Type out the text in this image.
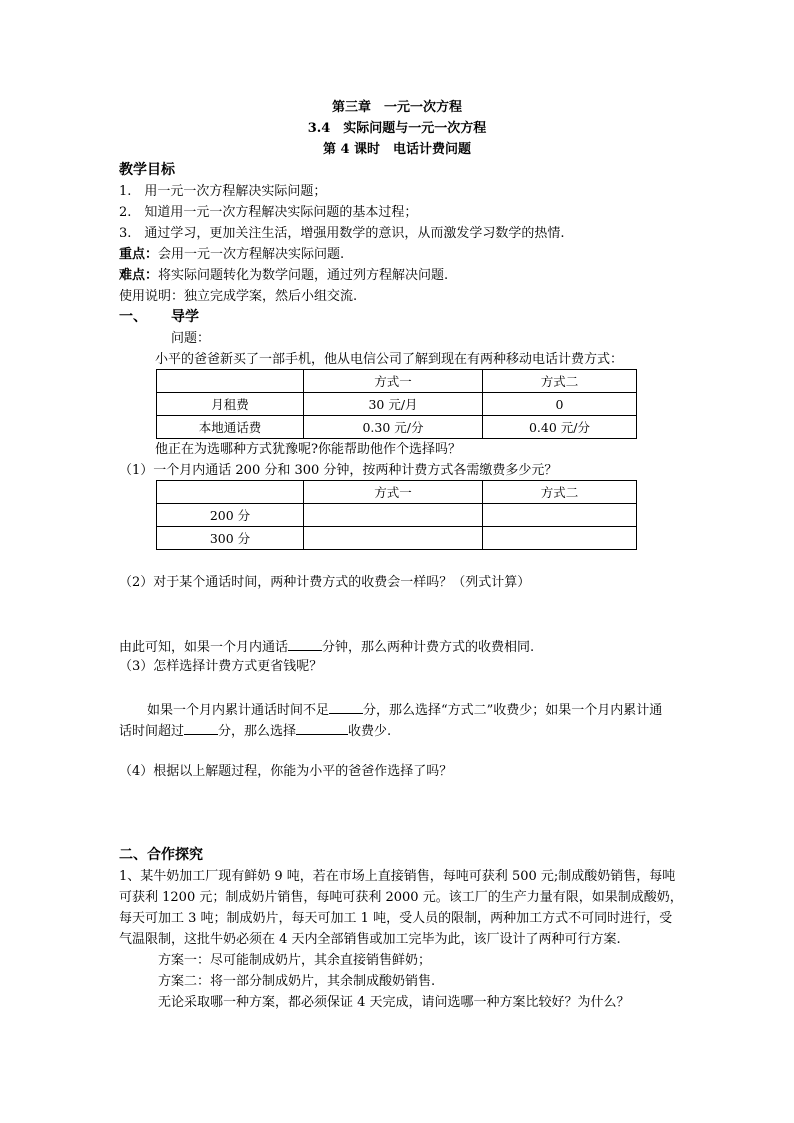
第三章　一元一次方程
3.4　实际问题与一元一次方程
第 4 课时　电话计费问题
教学目标
1.　用一元一次方程解决实际问题；
2.　知道用一元一次方程解决实际问题的基本过程；
3.　通过学习，更加关注生活，增强用数学的意识，从而激发学习数学的热情.
重点：会用一元一次方程解决实际问题.
难点：将实际问题转化为数学问题，通过列方程解决问题.
使用说明：独立完成学案，然后小组交流.
一、 导学
问题：
小平的爸爸新买了一部手机，他从电信公司了解到现在有两种移动电话计费方式：
	方式一	方式二
月租费	30 元/月	0
本地通话费	0.30 元/分	0.40 元/分
他正在为选哪种方式犹豫呢?你能帮助他作个选择吗？
（1）一个月内通话 200 分和 300 分钟，按两种计费方式各需缴费多少元？
	方式一	方式二
200 分		
300 分		
（2）对于某个通话时间，两种计费方式的收费会一样吗？（列式计算）
由此可知，如果一个月内通话	分钟，那么两种计费方式的收费相同.
（3）怎样选择计费方式更省钱呢？
如果一个月内累计通话时间不足	分，那么选择“方式二”收费少；如果一个月内累计通
话时间超过	分，那么选择	收费少.
（4）根据以上解题过程，你能为小平的爸爸作选择了吗？
二、合作探究
1、某牛奶加工厂现有鲜奶 9 吨，若在市场上直接销售，每吨可获利 500 元;制成酸奶销售，每吨
可获利 1200 元；制成奶片销售，每吨可获利 2000 元。该工厂的生产力量有限，如果制成酸奶，
每天可加工 3 吨；制成奶片，每天可加工 1 吨，受人员的限制，两种加工方式不可同时进行，受
气温限制，这批牛奶必须在 4 天内全部销售或加工完毕为此，该厂设计了两种可行方案.
方案一：尽可能制成奶片，其余直接销售鲜奶；
方案二：将一部分制成奶片，其余制成酸奶销售.
无论采取哪一种方案，都必须保证 4 天完成，请问选哪一种方案比较好？为什么？
